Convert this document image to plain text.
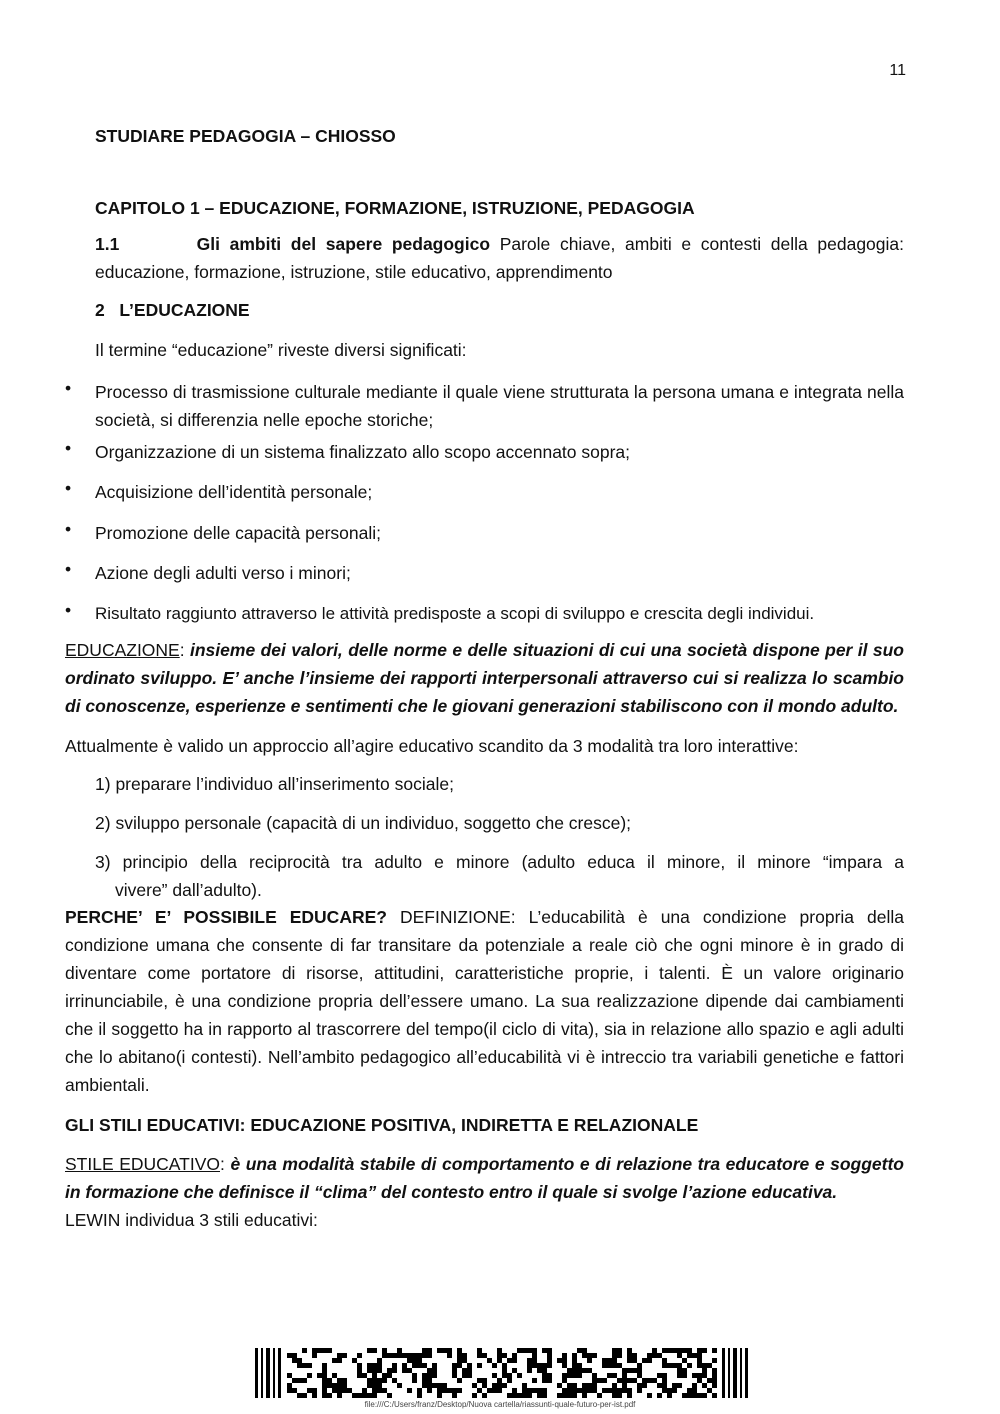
11
STUDIARE PEDAGOGIA – CHIOSSO
CAPITOLO 1 – EDUCAZIONE, FORMAZIONE, ISTRUZIONE, PEDAGOGIA
1.1	Gli ambiti del sapere pedagogico Parole chiave, ambiti e contesti della pedagogia: educazione, formazione, istruzione, stile educativo, apprendimento
2   L’EDUCAZIONE
Il termine “educazione” riveste diversi significati:
• Processo di trasmissione culturale mediante il quale viene strutturata la persona umana e integrata nella società, si differenzia nelle epoche storiche;
• Organizzazione di un sistema finalizzato allo scopo accennato sopra;
• Acquisizione dell’identità personale;
• Promozione delle capacità personali;
• Azione degli adulti verso i minori;
• Risultato raggiunto attraverso le attività predisposte a scopi di sviluppo e crescita degli individui.
EDUCAZIONE: insieme dei valori, delle norme e delle situazioni di cui una società dispone per il suo ordinato sviluppo. E’ anche l’insieme dei rapporti interpersonali attraverso cui si realizza lo scambio di conoscenze, esperienze e sentimenti che le giovani generazioni stabiliscono con il mondo adulto.
Attualmente è valido un approccio all’agire educativo scandito da 3 modalità tra loro interattive:
1) preparare l’individuo all’inserimento sociale;
2) sviluppo personale (capacità di un individuo, soggetto che cresce);
3) principio della reciprocità tra adulto e minore (adulto educa il minore, il minore “impara a
vivere” dall’adulto).
PERCHE’ E’ POSSIBILE EDUCARE? DEFINIZIONE: L’educabilità è una condizione propria della condizione umana che consente di far transitare da potenziale a reale ciò che ogni minore è in grado di diventare come portatore di risorse, attitudini, caratteristiche proprie, i talenti. È un valore originario irrinunciabile, è una condizione propria dell’essere umano. La sua realizzazione dipende dai cambiamenti che il soggetto ha in rapporto al trascorrere del tempo(il ciclo di vita), sia in relazione allo spazio e agli adulti che lo abitano(i contesti). Nell’ambito pedagogico all’educabilità vi è intreccio tra variabili genetiche e fattori ambientali.
GLI STILI EDUCATIVI: EDUCAZIONE POSITIVA, INDIRETTA E RELAZIONALE
STILE EDUCATIVO: è una modalità stabile di comportamento e di relazione tra educatore e soggetto in formazione che definisce il “clima” del contesto entro il quale si svolge l’azione educativa.
LEWIN individua 3 stili educativi:
file:///C:/Users/franz/Desktop/Nuova cartella/riassunti-quale-futuro-per-ist.pdf
